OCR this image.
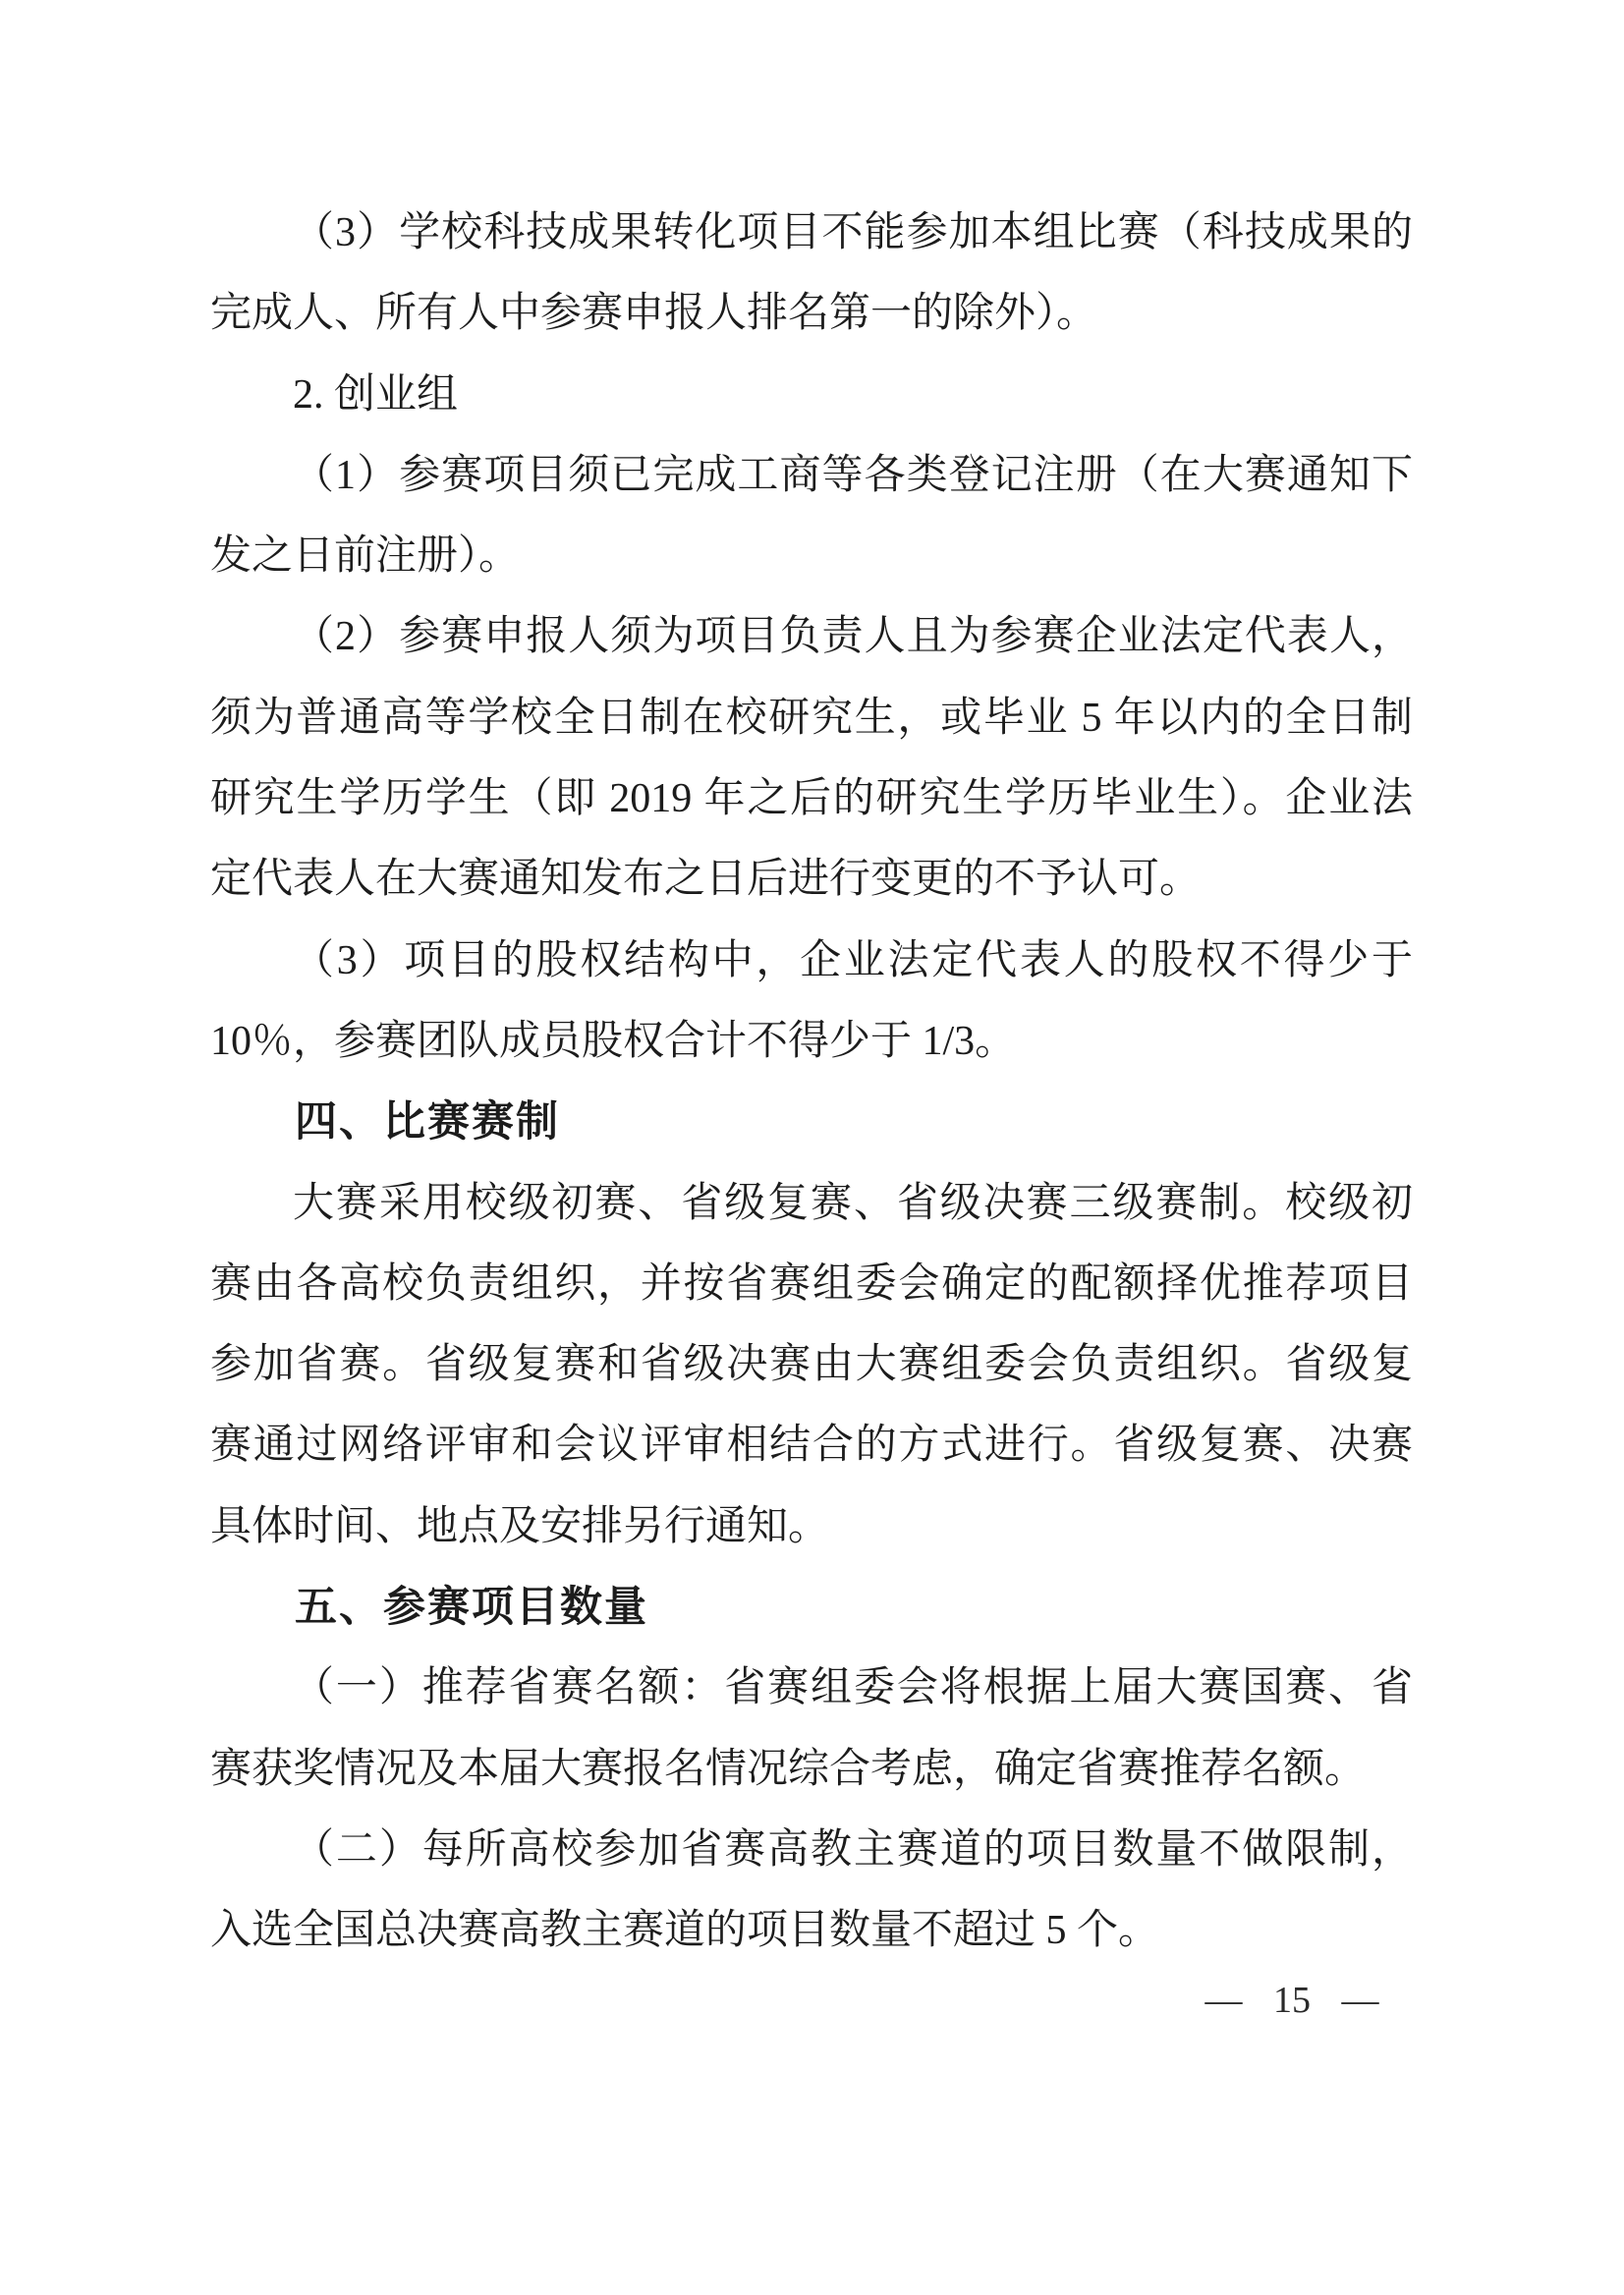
（3）学校科技成果转化项目不能参加本组比赛（科技成果的
完成人、所有人中参赛申报人排名第一的除外）。
2. 创业组
（1）参赛项目须已完成工商等各类登记注册（在大赛通知下
发之日前注册）。
（2）参赛申报人须为项目负责人且为参赛企业法定代表人，
须为普通高等学校全日制在校研究生，或毕业 5 年以内的全日制
研究生学历学生（即 2019 年之后的研究生学历毕业生）。企业法
定代表人在大赛通知发布之日后进行变更的不予认可。
（3）项目的股权结构中，企业法定代表人的股权不得少于
10％，参赛团队成员股权合计不得少于 1/3。
四、比赛赛制
大赛采用校级初赛、省级复赛、省级决赛三级赛制。校级初
赛由各高校负责组织，并按省赛组委会确定的配额择优推荐项目
参加省赛。省级复赛和省级决赛由大赛组委会负责组织。省级复
赛通过网络评审和会议评审相结合的方式进行。省级复赛、决赛
具体时间、地点及安排另行通知。
五、参赛项目数量
（一）推荐省赛名额：省赛组委会将根据上届大赛国赛、省
赛获奖情况及本届大赛报名情况综合考虑，确定省赛推荐名额。
（二）每所高校参加省赛高教主赛道的项目数量不做限制，
入选全国总决赛高教主赛道的项目数量不超过 5 个。
— 15 —
